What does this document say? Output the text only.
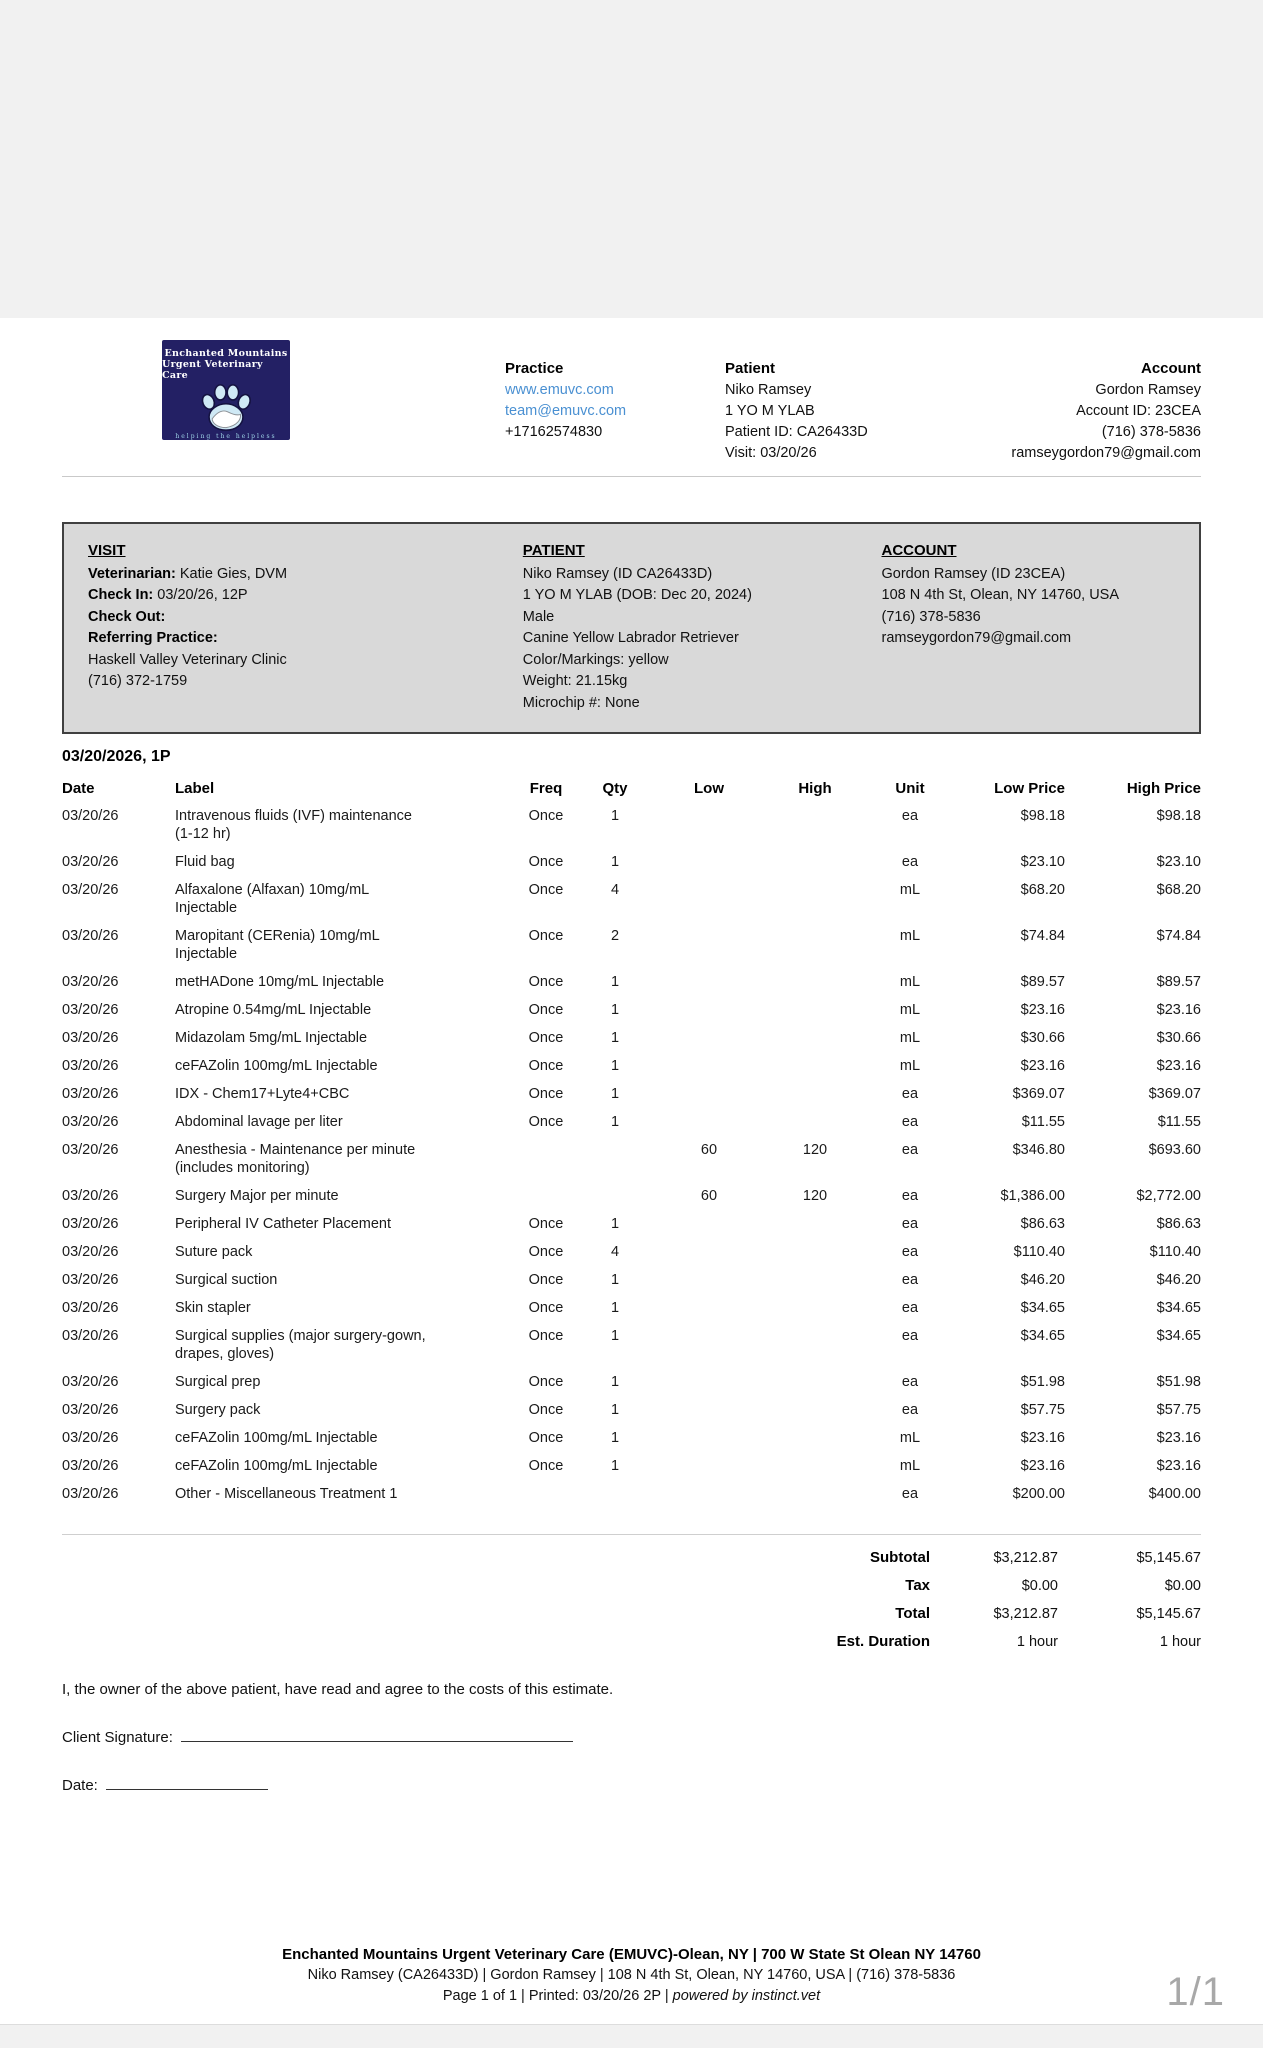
Enchanted Mountains
Urgent Veterinary Care
helping the helpless
Practice
www.emuvc.com
team@emuvc.com
+17162574830
Patient
Niko Ramsey
1 YO M YLAB
Patient ID: CA26433D
Visit: 03/20/26
Account
Gordon Ramsey
Account ID: 23CEA
(716) 378-5836
ramseygordon79@gmail.com
VISIT
Veterinarian: Katie Gies, DVM
Check In: 03/20/26, 12P
Check Out:
Referring Practice:
Haskell Valley Veterinary Clinic
(716) 372-1759
PATIENT
Niko Ramsey (ID CA26433D)
1 YO M YLAB (DOB: Dec 20, 2024)
Male
Canine Yellow Labrador Retriever
Color/Markings: yellow
Weight: 21.15kg
Microchip #: None
ACCOUNT
Gordon Ramsey (ID 23CEA)
108 N 4th St, Olean, NY 14760, USA
(716) 378-5836
ramseygordon79@gmail.com
03/20/2026, 1P
Date	Label	Freq	Qty	Low	High	Unit	Low Price	High Price
03/20/26	Intravenous fluids (IVF) maintenance (1-12 hr)	Once	1			ea	$98.18	$98.18
03/20/26	Fluid bag	Once	1			ea	$23.10	$23.10
03/20/26	Alfaxalone (Alfaxan) 10mg/mL Injectable	Once	4			mL	$68.20	$68.20
03/20/26	Maropitant (CERenia) 10mg/mL Injectable	Once	2			mL	$74.84	$74.84
03/20/26	metHADone 10mg/mL Injectable	Once	1			mL	$89.57	$89.57
03/20/26	Atropine 0.54mg/mL Injectable	Once	1			mL	$23.16	$23.16
03/20/26	Midazolam 5mg/mL Injectable	Once	1			mL	$30.66	$30.66
03/20/26	ceFAZolin 100mg/mL Injectable	Once	1			mL	$23.16	$23.16
03/20/26	IDX - Chem17+Lyte4+CBC	Once	1			ea	$369.07	$369.07
03/20/26	Abdominal lavage per liter	Once	1			ea	$11.55	$11.55
03/20/26	Anesthesia - Maintenance per minute (includes monitoring)			60	120	ea	$346.80	$693.60
03/20/26	Surgery Major per minute			60	120	ea	$1,386.00	$2,772.00
03/20/26	Peripheral IV Catheter Placement	Once	1			ea	$86.63	$86.63
03/20/26	Suture pack	Once	4			ea	$110.40	$110.40
03/20/26	Surgical suction	Once	1			ea	$46.20	$46.20
03/20/26	Skin stapler	Once	1			ea	$34.65	$34.65
03/20/26	Surgical supplies (major surgery-gown, drapes, gloves)	Once	1			ea	$34.65	$34.65
03/20/26	Surgical prep	Once	1			ea	$51.98	$51.98
03/20/26	Surgery pack	Once	1			ea	$57.75	$57.75
03/20/26	ceFAZolin 100mg/mL Injectable	Once	1			mL	$23.16	$23.16
03/20/26	ceFAZolin 100mg/mL Injectable	Once	1			mL	$23.16	$23.16
03/20/26	Other - Miscellaneous Treatment 1					ea	$200.00	$400.00
Subtotal	$3,212.87	$5,145.67
Tax	$0.00	$0.00
Total	$3,212.87	$5,145.67
Est. Duration	1 hour	1 hour
I, the owner of the above patient, have read and agree to the costs of this estimate.
Client Signature:
Date:
Enchanted Mountains Urgent Veterinary Care (EMUVC)-Olean, NY | 700 W State St Olean NY 14760
Niko Ramsey (CA26433D) | Gordon Ramsey | 108 N 4th St, Olean, NY 14760, USA | (716) 378-5836
Page 1 of 1 | Printed: 03/20/26 2P | powered by instinct.vet	1/1
